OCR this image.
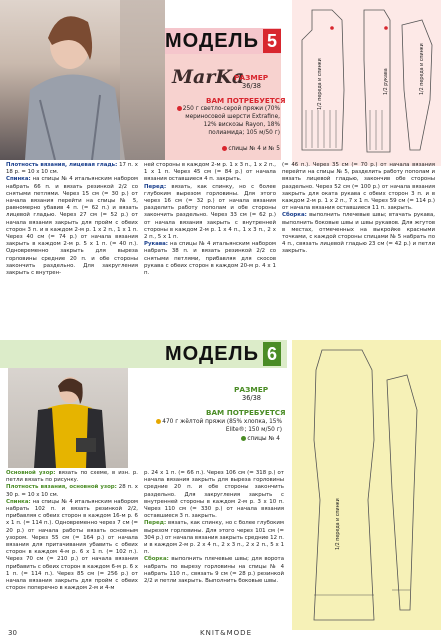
МОДЕЛЬ 5
MarKa
РАЗМЕР
36/38
ВАМ ПОТРЕБУЕТСЯ
250 г светло-серой пряжи (70% мериносовой шерсти Extrafine, 12% вискозы Rayon, 18% полиамида; 105 м/50 г)
спицы № 4 и № 5
1/2 переда и спинки	1/2 рукава	1/2 переда и спинки

Плотность вязания, лицевая гладь: 17 п. х 18 р. = 10 х 10 см.

Спинка: на спицы № 4 итальянским набором набрать 66 п. и вязать резинкой 2/2 со снятыми петлями. Через 15 см (= 30 р.) от начала вязания перейти на спицы № 5, равномерно убавив 4 п. (= 62 п.) и вязать лицевой гладью. Через 27 см (= 52 р.) от начала вязания закрыть для пройм с обеих сторон 3 п. и в каждом 2-м р. 1 х 2 п., 1 х 1 п. Через 40 см (= 74 р.) от начала вязания закрыть в каждом 2-м р. 5 х 1 п. (= 40 п.). Одновременно закрыть для выреза горловины средние 20 п. и обе стороны закончить раздельно. Для закругления закрыть с внутрен-

ней стороны в каждом 2-м р. 1 х 3 п., 1 х 2 п., 1 х 1 п. Через 45 см (= 84 р.) от начала вязания оставшиеся 4 п. закрыть.

Перед: вязать, как спинку, но с более глубоким вырезом горловины. Для этого через 16 см (= 32 р.) от начала вязания разделить работу пополам и обе стороны закончить раздельно. Через 33 см (= 62 р.) от начала вязания закрыть с внутренней стороны в каждом 2-м р. 1 х 4 п., 1 х 3 п., 2 х 2 п., 5 х 1 п.

Рукава: на спицы № 4 итальянским набором набрать 38 п. и вязать резинкой 2/2 со снятыми петлями, прибавляя для скосов рукава с обеих сторон в каждом 20-м р. 4 х 1 п.

(= 46 п.). Через 35 см (= 70 р.) от начала вязания перейти на спицы № 5, разделить работу пополам и вязать лицевой гладью, закончив обе стороны раздельно. Через 52 см (= 100 р.) от начала вязания закрыть для оката рукава с обеих сторон 3 п. и в каждом 2-м р. 1 х 2 п., 7 х 1 п. Через 59 см (= 114 р.) от начала вязания оставшиеся 11 п. закрыть.

Сборка: выполнить плечевые швы; втачать рукава, выполнить боковые швы и швы рукавов. Для жгутов в местах, отмеченных на выкройке красными точками, с каждой стороны спицами № 5 набрать по 4 п., связать лицевой гладью 23 см (= 42 р.) и петли закрыть.

МОДЕЛЬ 6
РАЗМЕР
36/38
ВАМ ПОТРЕБУЕТСЯ
470 г жёлтой пряжи (85% хлопка, 15% Elite®; 150 м/50 г)
спицы № 4
1/2 переда и спинки

Основной узор: вязать по схеме, в изн. р. петли вязать по рисунку.

Плотность вязания, основной узор: 28 п. х 30 р. = 10 х 10 см.

Спинка: на спицы № 4 итальянским набором набрать 102 п. и вязать резинкой 2/2, прибавляя с обеих сторон в каждом 16-м р. 6 х 1 п. (= 114 п.). Одновременно через 7 см (= 20 р.) от начала работы вязать основным узором. Через 55 см (= 164 р.) от начала вязания для притачивания убавить с обеих сторон в каждом 4-м р. 6 х 1 п. (= 102 п.). Через 70 см (= 210 р.) от начала вязания прибавить с обеих сторон в каждом 6-м р. 6 х 1 п. (= 114 п.). Через 85 см (= 256 р.) от начала вязания закрыть для пройм с обеих сторон поперечно в каждом 2-м и 4-м

р. 24 х 1 п. (= 66 п.). Через 106 см (= 318 р.) от начала вязания закрыть для выреза горловины средние 20 п. и обе стороны закончить раздельно. Для закругления закрыть с внутренней стороны в каждом 2-м р. 3 х 10 п. Через 110 см (= 330 р.) от начала вязания оставшиеся 3 п. закрыть.

Перед: вязать, как спинку, но с более глубоким вырезом горловины. Для этого через 101 см (= 304 р.) от начала вязания закрыть средние 12 п. и в каждом 2-м р. 2 х 4 п., 2 х 3 п., 2 х 2 п., 5 х 1 п.

Сборка: выполнить плечевые швы; для ворота набрать по вырезу горловины на спицы № 4 набрать 110 п., связать 9 см (= 28 р.) резинкой 2/2 и петли закрыть. Выполнить боковые швы.

30	KNIT&MODE
